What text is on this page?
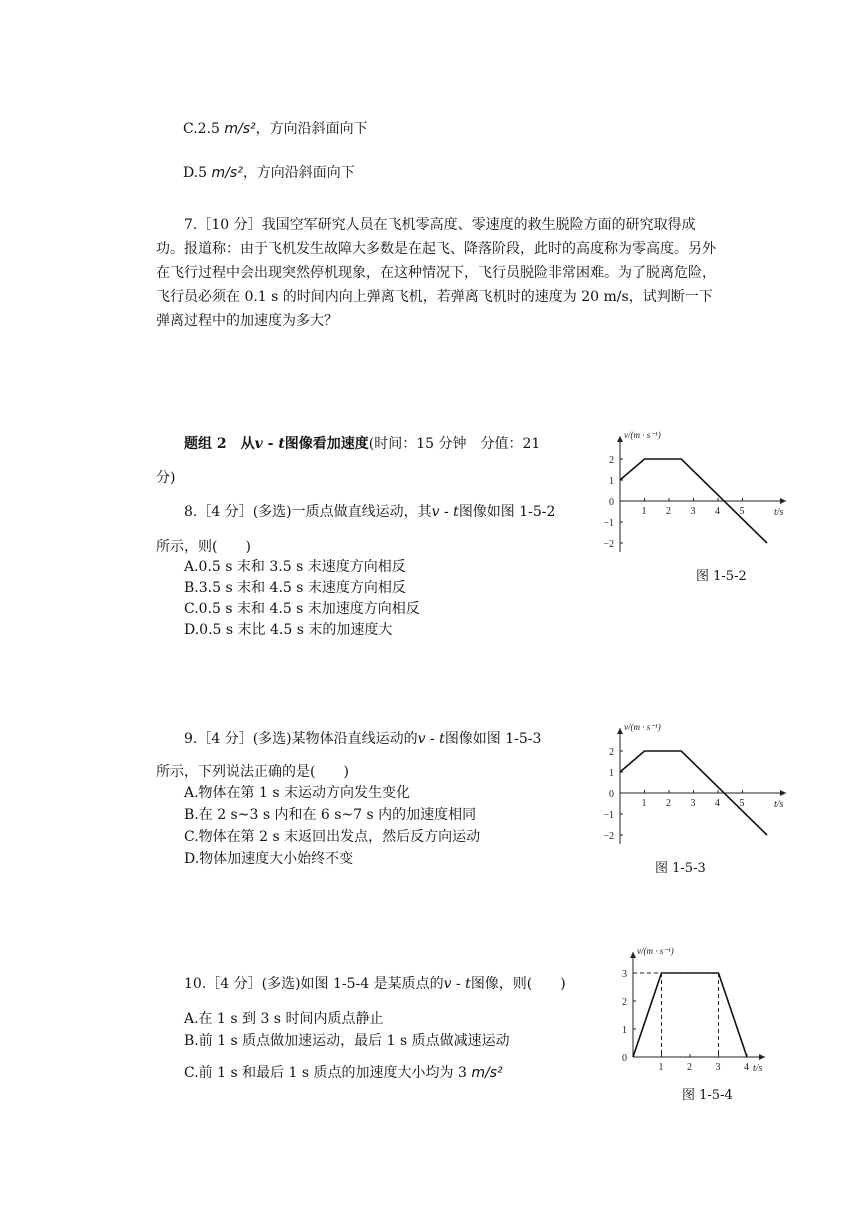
C.2.5 m/s²，方向沿斜面向下
D.5 m/s²，方向沿斜面向下
7.［10 分］我国空军研究人员在飞机零高度、零速度的救生脱险方面的研究取得成功。报道称：由于飞机发生故障大多数是在起飞、降落阶段，此时的高度称为零高度。另外在飞行过程中会出现突然停机现象，在这种情况下，飞行员脱险非常困难。为了脱离危险，飞行员必须在 0.1 s 的时间内向上弹离飞机，若弹离飞机时的速度为 20 m/s，试判断一下弹离过程中的加速度为多大？
题组 2　从v - t图像看加速度(时间：15 分钟　分值：21
分)
8.［4 分］(多选)一质点做直线运动，其v - t图像如图 1-5-2
所示，则(　　)
A.0.5 s 末和 3.5 s 末速度方向相反
B.3.5 s 末和 4.5 s 末速度方向相反
C.0.5 s 末和 4.5 s 末加速度方向相反
D.0.5 s 末比 4.5 s 末的加速度大
v/(m · s⁻¹)
t/s
1 2 3 4 5
2
1
0
−1
−2
图 1-5-2
9.［4 分］(多选)某物体沿直线运动的v - t图像如图 1-5-3
所示，下列说法正确的是(　　)
A.物体在第 1 s 末运动方向发生变化
B.在 2 s~3 s 内和在 6 s~7 s 内的加速度相同
C.物体在第 2 s 末返回出发点，然后反方向运动
D.物体加速度大小始终不变
v/(m · s⁻¹)
t/s
1 2 3 4 5
2
1
0
−1
−2
图 1-5-3
10.［4 分］(多选)如图 1-5-4 是某质点的v - t图像，则(　　)
A.在 1 s 到 3 s 时间内质点静止
B.前 1 s 质点做加速运动，最后 1 s 质点做减速运动
C.前 1 s 和最后 1 s 质点的加速度大小均为 3 m/s²
v/(m · s⁻¹)
t/s
1 2 3 4
3
2
1
0
图 1-5-4
